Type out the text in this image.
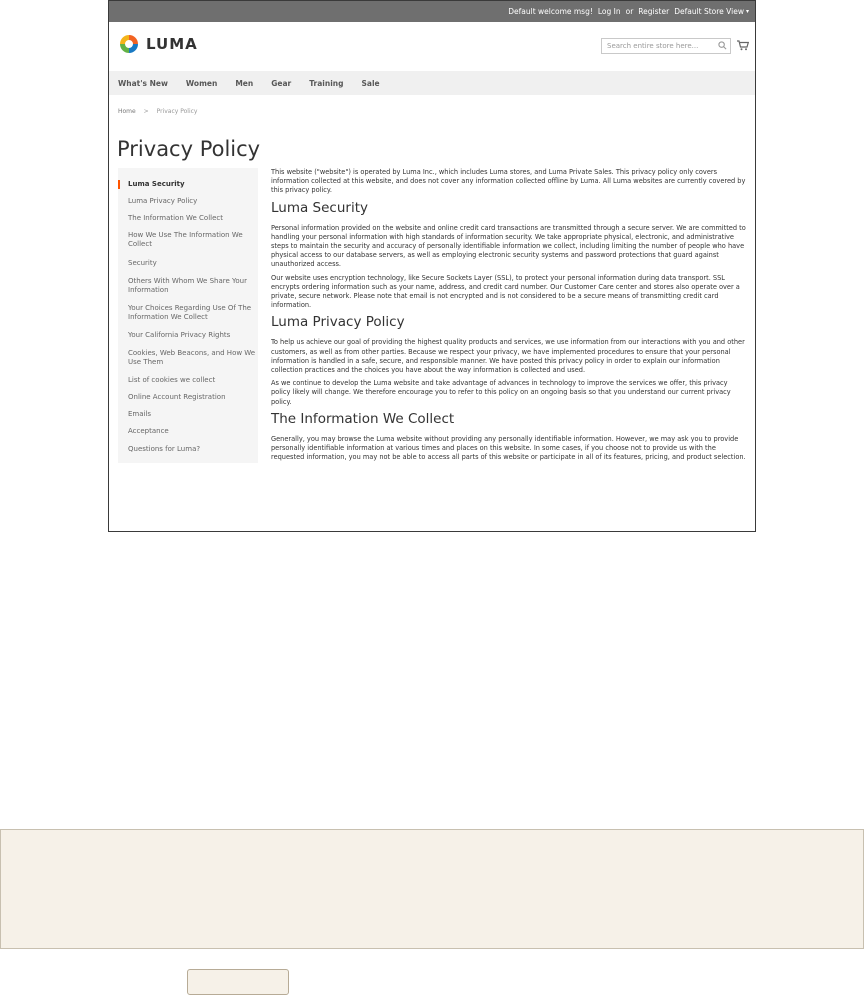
Default welcome msg! Log In or Register Default Store View ▾
LUMA	Search entire store here...
What's New Women Men Gear Training Sale
Home > Privacy Policy
Privacy Policy
Luma Security
Luma Privacy Policy
The Information We Collect
How We Use The Information We Collect
Security
Others With Whom We Share Your Information
Your Choices Regarding Use Of The Information We Collect
Your California Privacy Rights
Cookies, Web Beacons, and How We Use Them
List of cookies we collect
Online Account Registration
Emails
Acceptance
Questions for Luma?

This website ("website") is operated by Luma Inc., which includes Luma stores, and Luma Private Sales. This privacy policy only covers information collected at this website, and does not cover any information collected offline by Luma. All Luma websites are currently covered by this privacy policy.

Luma Security

Personal information provided on the website and online credit card transactions are transmitted through a secure server. We are committed to handling your personal information with high standards of information security. We take appropriate physical, electronic, and administrative steps to maintain the security and accuracy of personally identifiable information we collect, including limiting the number of people who have physical access to our database servers, as well as employing electronic security systems and password protections that guard against unauthorized access.

Our website uses encryption technology, like Secure Sockets Layer (SSL), to protect your personal information during data transport. SSL encrypts ordering information such as your name, address, and credit card number. Our Customer Care center and stores also operate over a private, secure network. Please note that email is not encrypted and is not considered to be a secure means of transmitting credit card information.

Luma Privacy Policy

To help us achieve our goal of providing the highest quality products and services, we use information from our interactions with you and other customers, as well as from other parties. Because we respect your privacy, we have implemented procedures to ensure that your personal information is handled in a safe, secure, and responsible manner. We have posted this privacy policy in order to explain our information collection practices and the choices you have about the way information is collected and used.

As we continue to develop the Luma website and take advantage of advances in technology to improve the services we offer, this privacy policy likely will change. We therefore encourage you to refer to this policy on an ongoing basis so that you understand our current privacy policy.

The Information We Collect

Generally, you may browse the Luma website without providing any personally identifiable information. However, we may ask you to provide personally identifiable information at various times and places on this website. In some cases, if you choose not to provide us with the requested information, you may not be able to access all parts of this website or participate in all of its features, pricing, and product selection.
